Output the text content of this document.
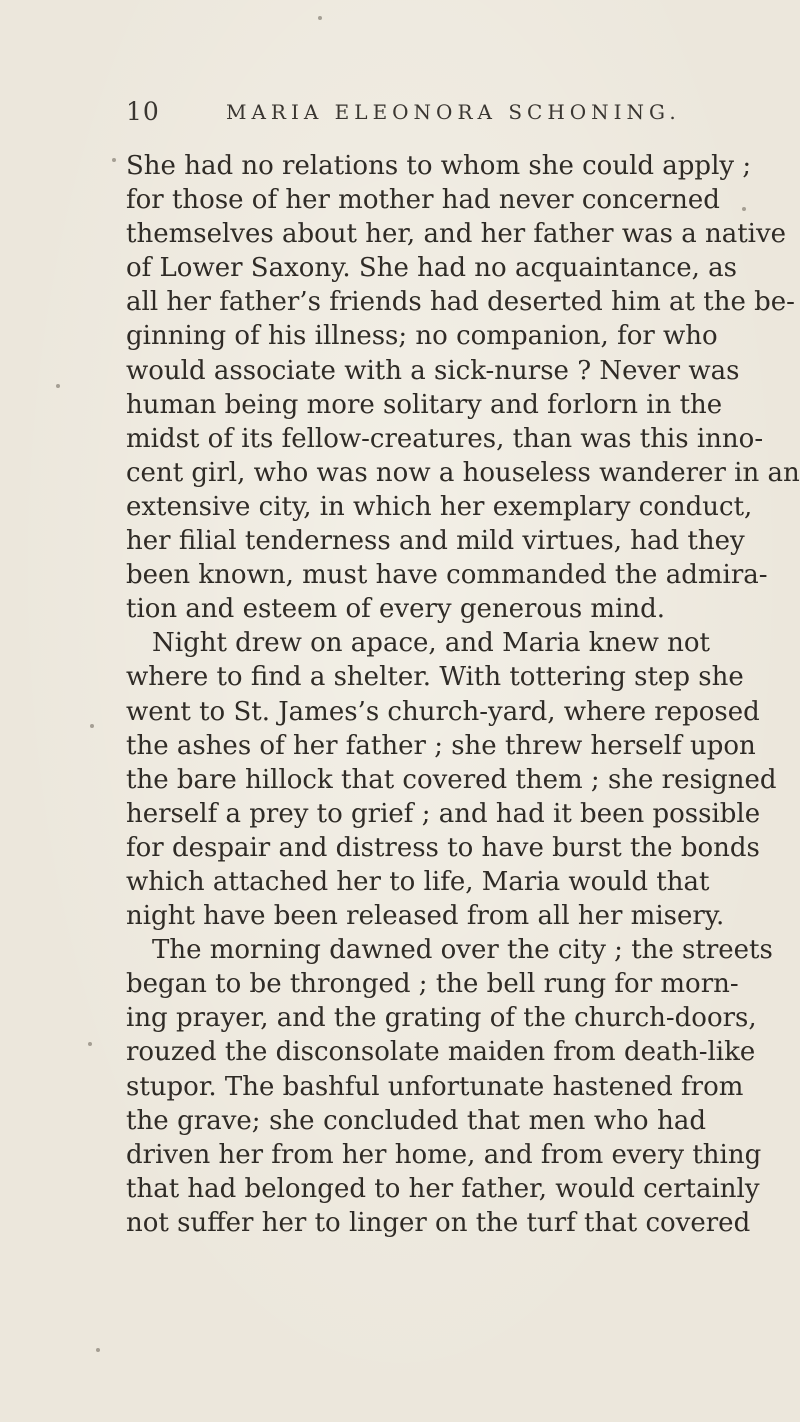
10	MARIA ELEONORA SCHONING.
She had no relations to whom she could apply ;
for those of her mother had never concerned
themselves about her, and her father was a native
of Lower Saxony. She had no acquaintance, as
all her father’s friends had deserted him at the be-
ginning of his illness; no companion, for who
would associate with a sick-nurse ? Never was
human being more solitary and forlorn in the
midst of its fellow-creatures, than was this inno-
cent girl, who was now a houseless wanderer in an
extensive city, in which her exemplary conduct,
her filial tenderness and mild virtues, had they
been known, must have commanded the admira-
tion and esteem of every generous mind.
Night drew on apace, and Maria knew not
where to find a shelter. With tottering step she
went to St. James’s church-yard, where reposed
the ashes of her father ; she threw herself upon
the bare hillock that covered them ; she resigned
herself a prey to grief ; and had it been possible
for despair and distress to have burst the bonds
which attached her to life, Maria would that
night have been released from all her misery.
The morning dawned over the city ; the streets
began to be thronged ; the bell rung for morn-
ing prayer, and the grating of the church-doors,
rouzed the disconsolate maiden from death-like
stupor. The bashful unfortunate hastened from
the grave; she concluded that men who had
driven her from her home, and from every thing
that had belonged to her father, would certainly
not suffer her to linger on the turf that covered
